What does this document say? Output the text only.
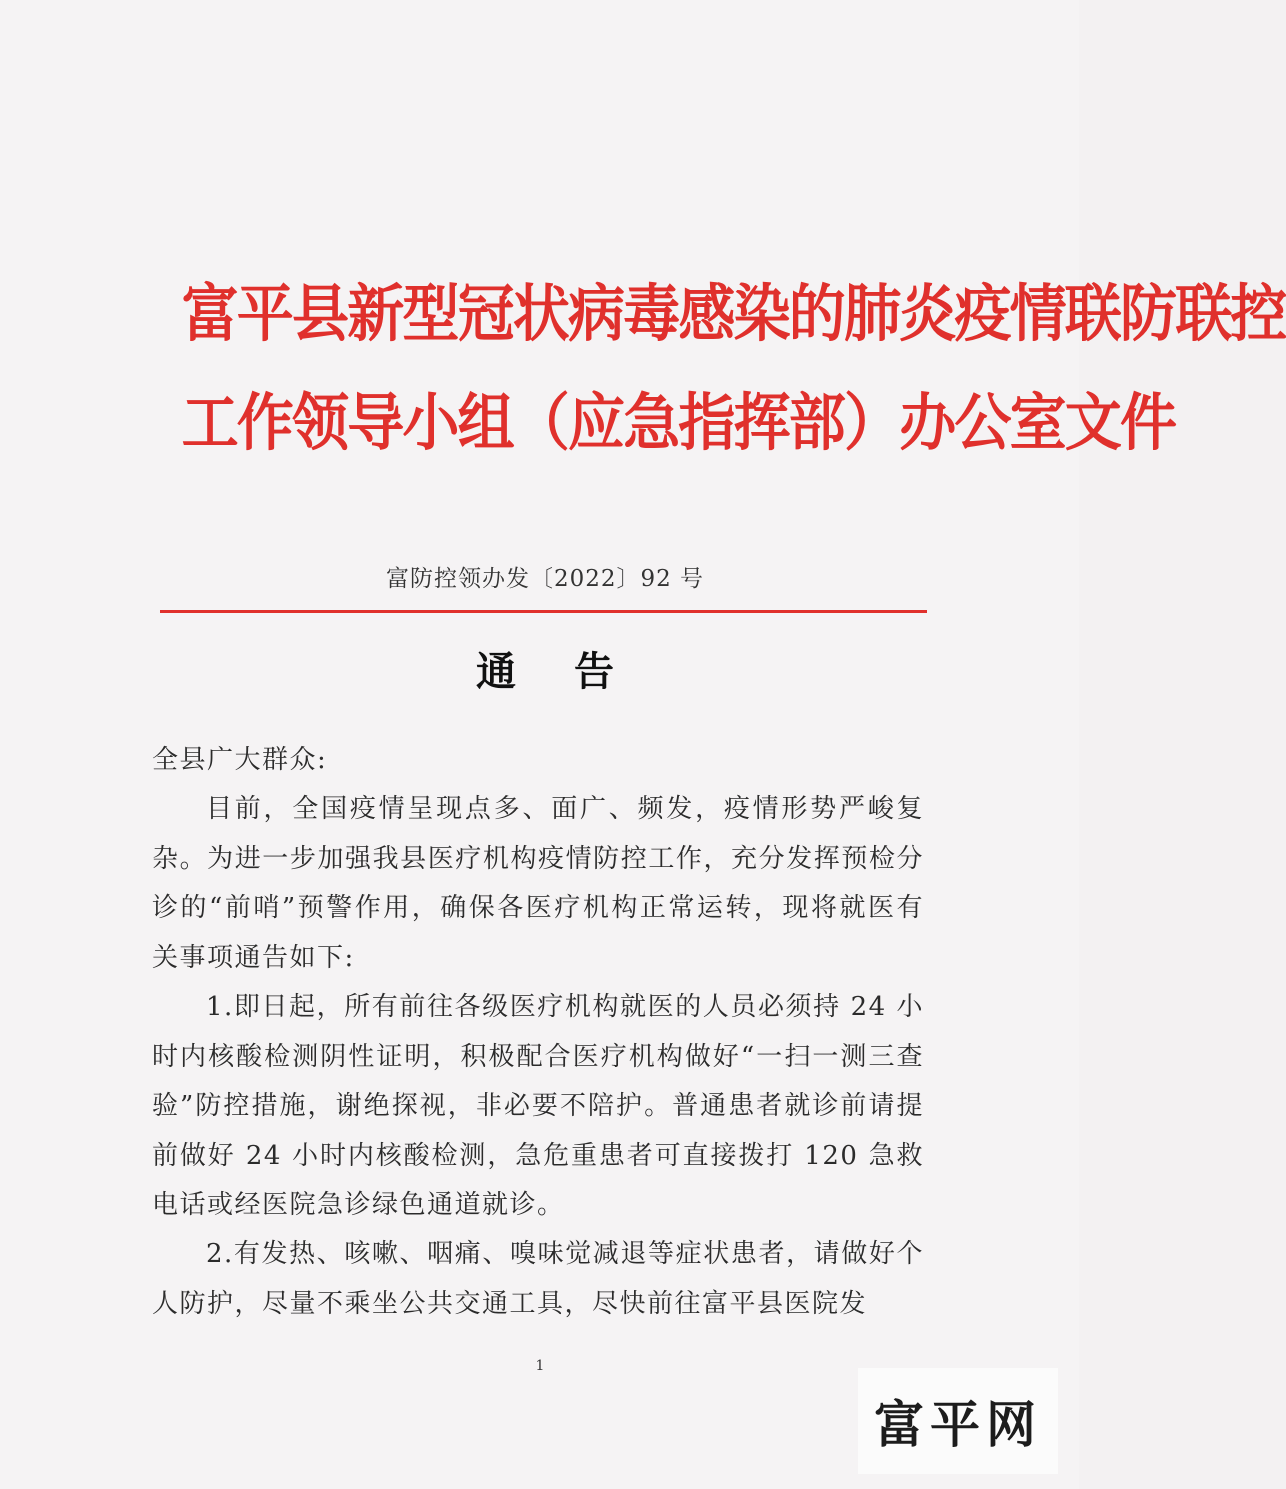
富平县新型冠状病毒感染的肺炎疫情联防联控
工作领导小组（应急指挥部）办公室文件
富防控领办发〔2022〕92 号
通告
全县广大群众:
目前，全国疫情呈现点多、面广、频发，疫情形势严峻复杂。为进一步加强我县医疗机构疫情防控工作，充分发挥预检分诊的“前哨”预警作用，确保各医疗机构正常运转，现将就医有关事项通告如下:
1.即日起，所有前往各级医疗机构就医的人员必须持 24 小时内核酸检测阴性证明，积极配合医疗机构做好“一扫一测三查验”防控措施，谢绝探视，非必要不陪护。普通患者就诊前请提前做好 24 小时内核酸检测，急危重患者可直接拨打 120 急救电话或经医院急诊绿色通道就诊。
2.有发热、咳嗽、咽痛、嗅味觉减退等症状患者，请做好个人防护，尽量不乘坐公共交通工具，尽快前往富平县医院发
1
富平网
